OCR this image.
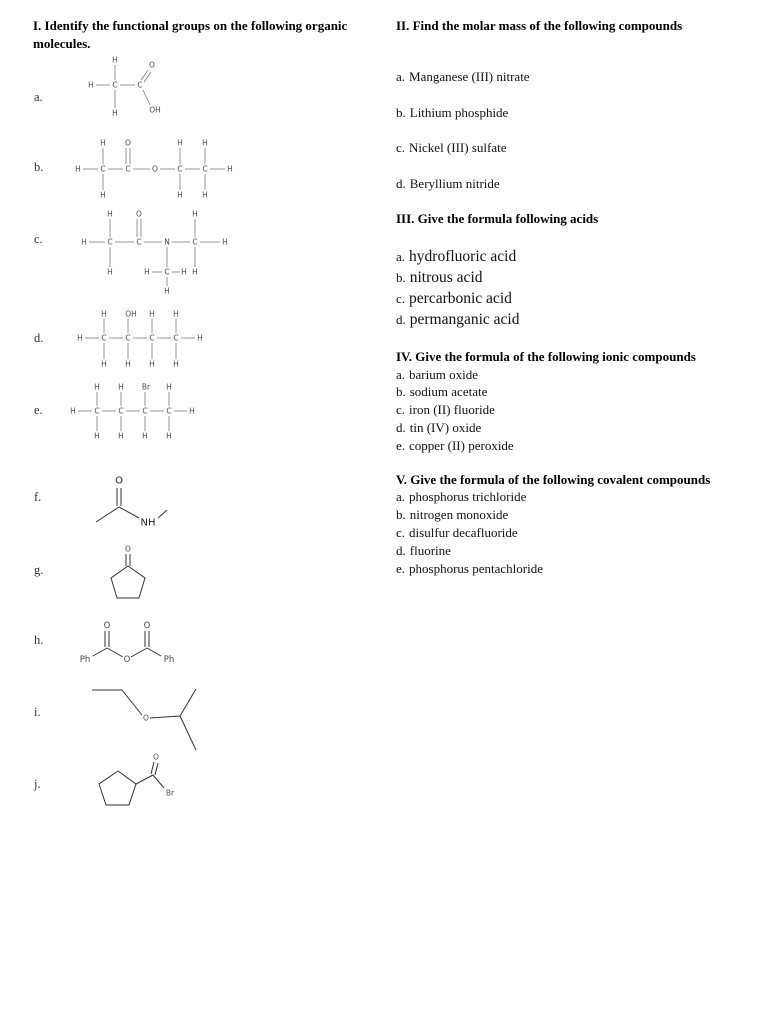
I. Identify the functional groups on the following organic molecules.
a.
b.
c.
d.
e.
f.
g.
h.
i.
j.
H
H C	C
O
OH
H
H	C	C	O	C	C	H
H	O	H	H
H	H	H
H	C	C	N	C	H
H	O	H
H	H C H H
H
H C	C	C	C H
H OH H H
H H H H
H C	C	C	C H
H H Br H
H H H H
O
NH
O
O	O
Ph	O	Ph
O
O
Br
II. Find the molar mass of the following compounds
a. Manganese (III) nitrate
b. Lithium phosphide
c. Nickel (III) sulfate
d. Beryllium nitride
III. Give the formula following acids
a. hydrofluoric acid
b. nitrous acid
c. percarbonic acid
d. permanganic acid
IV. Give the formula of the following ionic compounds
a. barium oxide
b. sodium acetate
c. iron (II) fluoride
d. tin (IV) oxide
e. copper (II) peroxide
V. Give the formula of the following covalent compounds
a. phosphorus trichloride
b. nitrogen monoxide
c. disulfur decafluoride
d. fluorine
e. phosphorus pentachloride
